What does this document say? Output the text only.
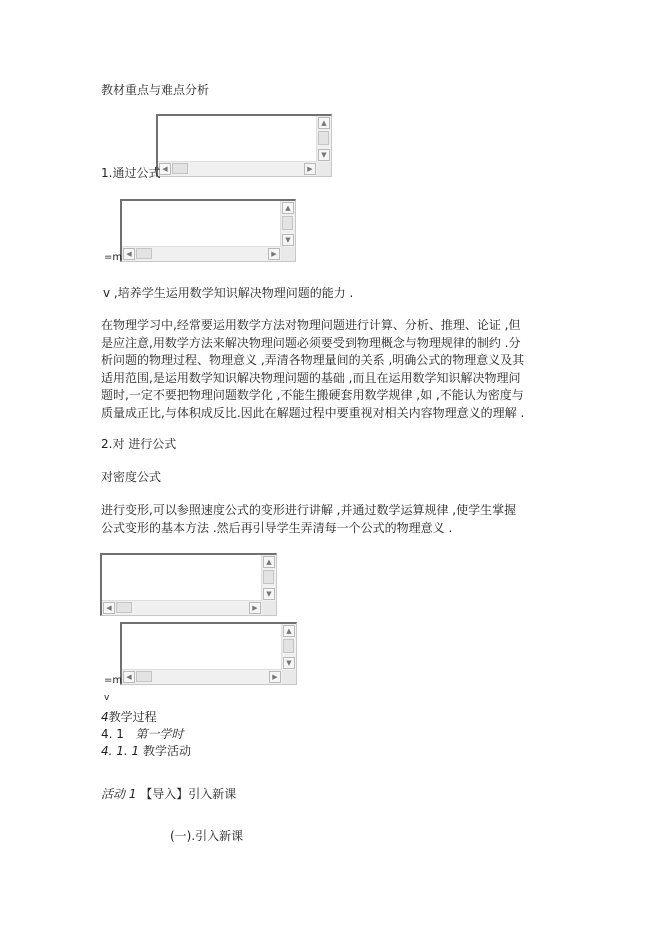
教材重点与难点分析
▲
▼
◀	▶
1.通过公式
▲
▼
◀	▶
=m
v ,培养学生运用数学知识解决物理问题的能力 .
在物理学习中,经常要运用数学方法对物理问题进行计算、分析、推理、论证 ,但
是应注意,用数学方法来解决物理问题必须要受到物理概念与物理规律的制约 .分
析问题的物理过程、物理意义 ,弄清各物理量间的关系 ,明确公式的物理意义及其
适用范围,是运用数学知识解决物理问题的基础 ,而且在运用数学知识解决物理问
题时,一定不要把物理问题数学化 ,不能生搬硬套用数学规律 ,如 ,不能认为密度与
质量成正比,与体积成反比.因此在解题过程中要重视对相关内容物理意义的理解 .
2.对 进行公式
对密度公式
进行变形,可以参照速度公式的变形进行讲解 ,并通过数学运算规律 ,使学生掌握
公式变形的基本方法 .然后再引导学生弄清每一个公式的物理意义 .
▲
▼
◀	▶
▲
▼
◀	▶
=m
v
4教学过程
4. 1 第一学时
4. 1. 1 教学活动
活动 1 【导入】引入新课
(一).引入新课
